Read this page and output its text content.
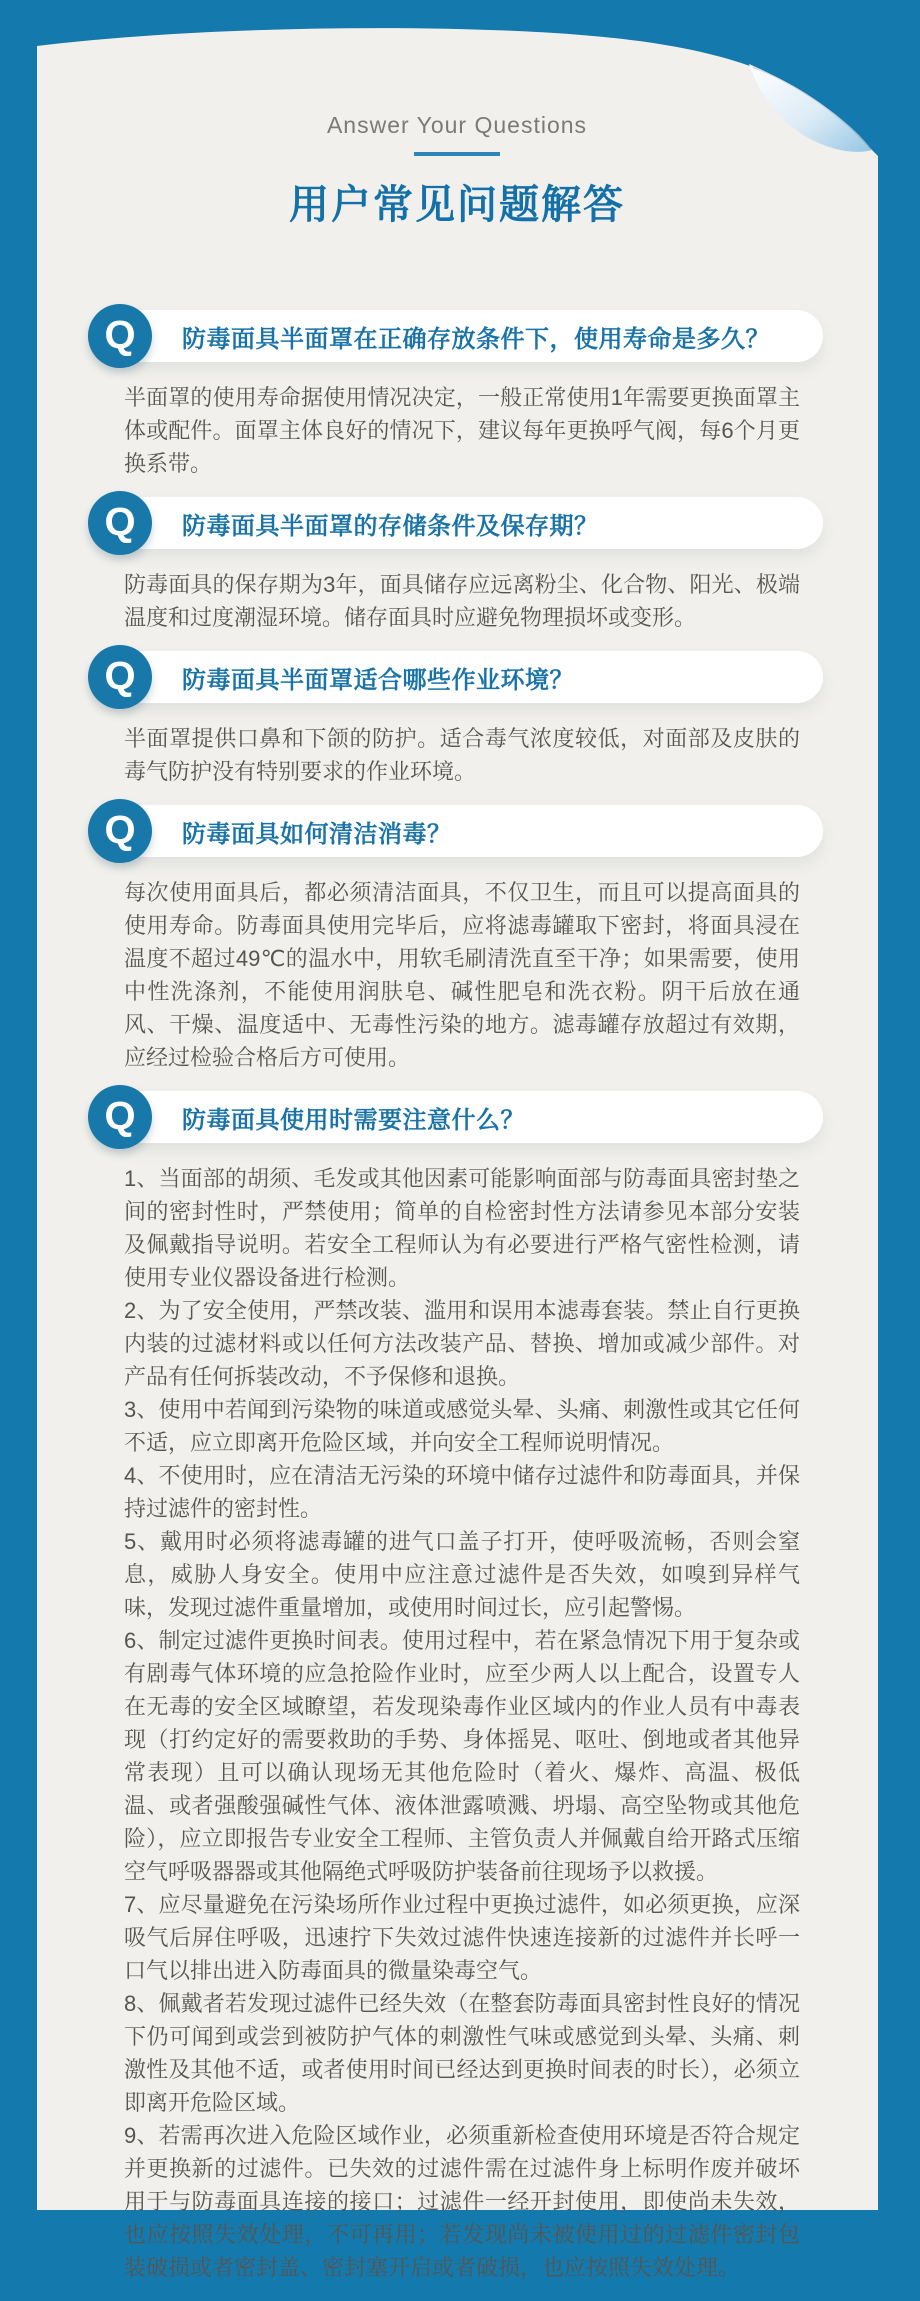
Answer Your Questions
用户常见问题解答
防毒面具半面罩在正确存放条件下，使用寿命是多久？
Q

半面罩的使用寿命据使用情况决定，一般正常使用1年需要更换面罩主体或配件。面罩主体良好的情况下，建议每年更换呼气阀，每6个月更换系带。

防毒面具半面罩的存储条件及保存期？
Q

防毒面具的保存期为3年，面具储存应远离粉尘、化合物、阳光、极端温度和过度潮湿环境。储存面具时应避免物理损坏或变形。

防毒面具半面罩适合哪些作业环境？
Q

半面罩提供口鼻和下颌的防护。适合毒气浓度较低，对面部及皮肤的毒气防护没有特别要求的作业环境。

防毒面具如何清洁消毒？
Q

每次使用面具后，都必须清洁面具，不仅卫生，而且可以提高面具的使用寿命。防毒面具使用完毕后，应将滤毒罐取下密封，将面具浸在温度不超过49℃的温水中，用软毛刷清洗直至干净；如果需要，使用中性洗涤剂，不能使用润肤皂、碱性肥皂和洗衣粉。阴干后放在通风、干燥、温度适中、无毒性污染的地方。滤毒罐存放超过有效期，应经过检验合格后方可使用。

防毒面具使用时需要注意什么？
Q

1、当面部的胡须、毛发或其他因素可能影响面部与防毒面具密封垫之间的密封性时，严禁使用；简单的自检密封性方法请参见本部分安装及佩戴指导说明。若安全工程师认为有必要进行严格气密性检测，请使用专业仪器设备进行检测。

2、为了安全使用，严禁改装、滥用和误用本滤毒套装。禁止自行更换内装的过滤材料或以任何方法改装产品、替换、增加或减少部件。对产品有任何拆装改动，不予保修和退换。

3、使用中若闻到污染物的味道或感觉头晕、头痛、刺激性或其它任何不适，应立即离开危险区域，并向安全工程师说明情况。

4、不使用时，应在清洁无污染的环境中储存过滤件和防毒面具，并保持过滤件的密封性。

5、戴用时必须将滤毒罐的进气口盖子打开，使呼吸流畅，否则会窒息，威胁人身安全。使用中应注意过滤件是否失效，如嗅到异样气味，发现过滤件重量增加，或使用时间过长，应引起警惕。

6、制定过滤件更换时间表。使用过程中，若在紧急情况下用于复杂或有剧毒气体环境的应急抢险作业时，应至少两人以上配合，设置专人在无毒的安全区域瞭望，若发现染毒作业区域内的作业人员有中毒表现（打约定好的需要救助的手势、身体摇晃、呕吐、倒地或者其他异常表现）且可以确认现场无其他危险时（着火、爆炸、高温、极低温、或者强酸强碱性气体、液体泄露喷溅、坍塌、高空坠物或其他危险），应立即报告专业安全工程师、主管负责人并佩戴自给开路式压缩空气呼吸器器或其他隔绝式呼吸防护装备前往现场予以救援。

7、应尽量避免在污染场所作业过程中更换过滤件，如必须更换，应深吸气后屏住呼吸，迅速拧下失效过滤件快速连接新的过滤件并长呼一口气以排出进入防毒面具的微量染毒空气。

8、佩戴者若发现过滤件已经失效（在整套防毒面具密封性良好的情况下仍可闻到或尝到被防护气体的刺激性气味或感觉到头晕、头痛、刺激性及其他不适，或者使用时间已经达到更换时间表的时长），必须立即离开危险区域。

9、若需再次进入危险区域作业，必须重新检查使用环境是否符合规定并更换新的过滤件。已失效的过滤件需在过滤件身上标明作废并破坏用于与防毒面具连接的接口；过滤件一经开封使用，即使尚未失效，也应按照失效处理，不可再用；若发现尚未被使用过的过滤件密封包装破损或者密封盖、密封塞开启或者破损，也应按照失效处理。
